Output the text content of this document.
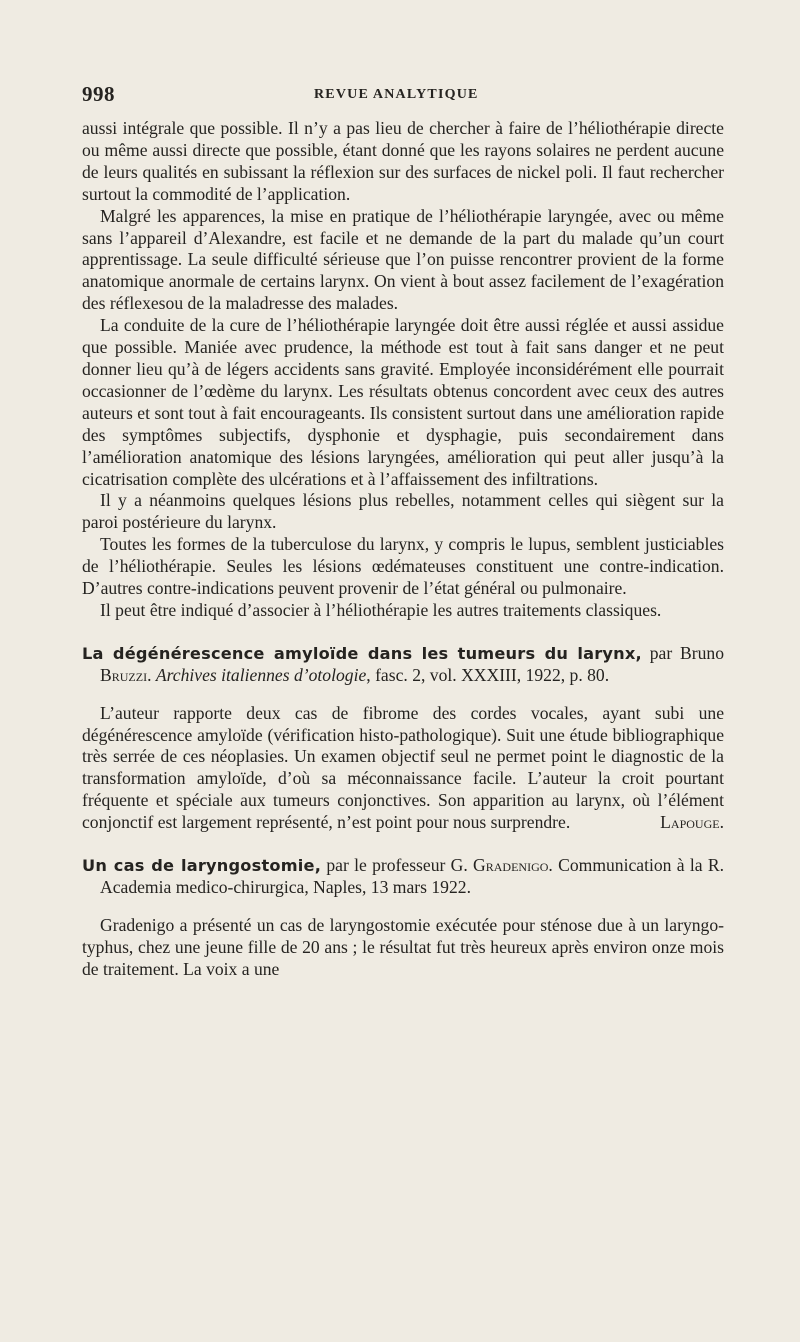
998	REVUE ANALYTIQUE

aussi intégrale que possible. Il n’y a pas lieu de chercher à faire de l’héliothérapie directe ou même aussi directe que possible, étant donné que les rayons solaires ne perdent aucune de leurs qualités en subissant la réflexion sur des surfaces de nickel poli. Il faut rechercher surtout la commodité de l’application.

Malgré les apparences, la mise en pratique de l’héliothérapie laryngée, avec ou même sans l’appareil d’Alexandre, est facile et ne demande de la part du malade qu’un court apprentissage. La seule difficulté sérieuse que l’on puisse rencontrer provient de la forme anatomique anormale de certains larynx. On vient à bout assez facilement de l’exagération des réflexesou de la maladresse des malades.

La conduite de la cure de l’héliothérapie laryngée doit être aussi réglée et aussi assidue que possible. Maniée avec prudence, la méthode est tout à fait sans danger et ne peut donner lieu qu’à de légers accidents sans gravité. Employée inconsidérément elle pourrait occasionner de l’œdème du larynx. Les résultats obtenus concordent avec ceux des autres auteurs et sont tout à fait encourageants. Ils consistent surtout dans une amélioration rapide des symptômes subjectifs, dysphonie et dysphagie, puis secondairement dans l’amélioration anatomique des lésions laryngées, amélioration qui peut aller jusqu’à la cicatrisation complète des ulcérations et à l’affaissement des infiltrations.

Il y a néanmoins quelques lésions plus rebelles, notamment celles qui siègent sur la paroi postérieure du larynx.

Toutes les formes de la tuberculose du larynx, y compris le lupus, semblent justiciables de l’héliothérapie. Seules les lésions œdémateuses constituent une contre-indication. D’autres contre-indications peuvent provenir de l’état général ou pulmonaire.

Il peut être indiqué d’associer à l’héliothérapie les autres traitements classiques.

La dégénérescence amyloïde dans les tumeurs du larynx, par Bruno Bruzzi. Archives italiennes d’otologie, fasc. 2, vol. XXXIII, 1922, p. 80.

L’auteur rapporte deux cas de fibrome des cordes vocales, ayant subi une dégénérescence amyloïde (vérification histo-pathologique). Suit une étude bibliographique très serrée de ces néoplasies. Un examen objectif seul ne permet point le diagnostic de la transformation amyloïde, d’où sa méconnaissance facile. L’auteur la croit pourtant fréquente et spéciale aux tumeurs conjonctives. Son apparition au larynx, où l’élément conjonctif est largement représenté, n’est point pour nous surprendre.	Lapouge.

Un cas de laryngostomie, par le professeur G. Gradenigo. Communication à la R. Academia medico-chirurgica, Naples, 13 mars 1922.

Gradenigo a présenté un cas de laryngostomie exécutée pour sténose due à un laryngo-typhus, chez une jeune fille de 20 ans ; le résultat fut très heureux après environ onze mois de traitement. La voix a une
